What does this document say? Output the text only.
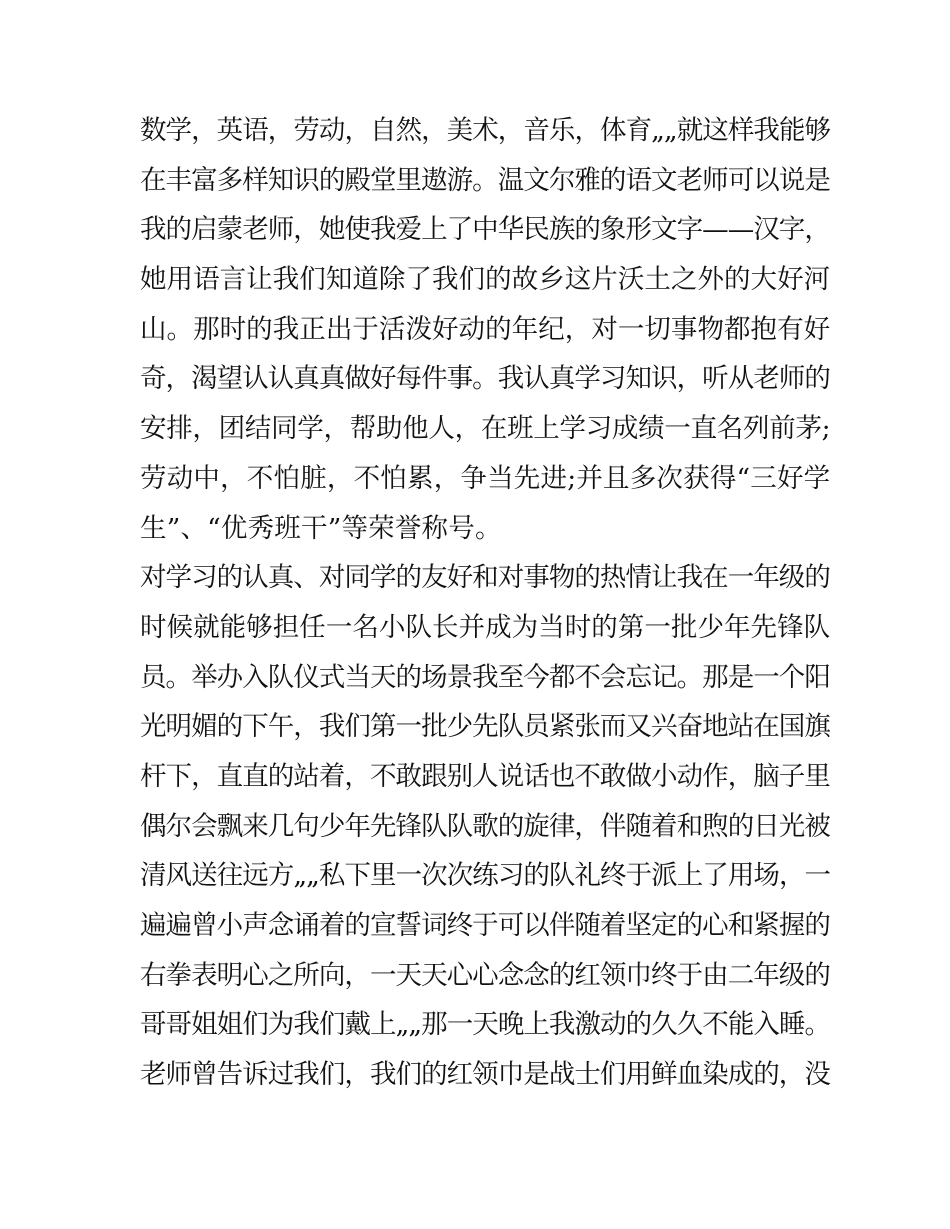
数学，英语，劳动，自然，美术，音乐，体育„„就这样我能够
在丰富多样知识的殿堂里遨游。温文尔雅的语文老师可以说是
我的启蒙老师，她使我爱上了中华民族的象形文字——汉字，
她用语言让我们知道除了我们的故乡这片沃土之外的大好河
山。那时的我正出于活泼好动的年纪，对一切事物都抱有好
奇，渴望认认真真做好每件事。我认真学习知识，听从老师的
安排，团结同学，帮助他人，在班上学习成绩一直名列前茅;
劳动中，不怕脏，不怕累，争当先进;并且多次获得“三好学
生”、“优秀班干”等荣誉称号。
对学习的认真、对同学的友好和对事物的热情让我在一年级的
时候就能够担任一名小队长并成为当时的第一批少年先锋队
员。举办入队仪式当天的场景我至今都不会忘记。那是一个阳
光明媚的下午，我们第一批少先队员紧张而又兴奋地站在国旗
杆下，直直的站着，不敢跟别人说话也不敢做小动作，脑子里
偶尔会飘来几句少年先锋队队歌的旋律，伴随着和煦的日光被
清风送往远方„„私下里一次次练习的队礼终于派上了用场，一
遍遍曾小声念诵着的宣誓词终于可以伴随着坚定的心和紧握的
右拳表明心之所向，一天天心心念念的红领巾终于由二年级的
哥哥姐姐们为我们戴上„„那一天晚上我激动的久久不能入睡。
老师曾告诉过我们，我们的红领巾是战士们用鲜血染成的，没
